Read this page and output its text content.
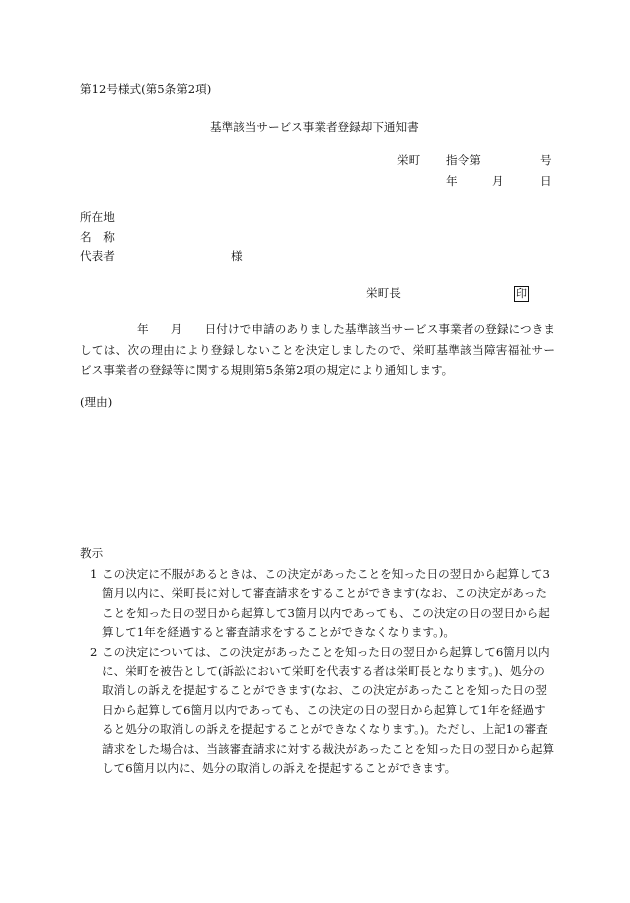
第12号様式(第5条第2項)
基準該当サービス事業者登録却下通知書
栄町 指令第	号
年	月	日
所在地
名　称
代表者	様
栄町長	印
年 月 日付けで申請のありました基準該当サービス事業者の登録につきましては、次の理由により登録しないことを決定しましたので、栄町基準該当障害福祉サービス事業者の登録等に関する規則第5条第2項の規定により通知します。
(理由)
教示
1 この決定に不服があるときは、この決定があったことを知った日の翌日から起算して3箇月以内に、栄町長に対して審査請求をすることができます(なお、この決定があったことを知った日の翌日から起算して3箇月以内であっても、この決定の日の翌日から起算して1年を経過すると審査請求をすることができなくなります。)。
2 この決定については、この決定があったことを知った日の翌日から起算して6箇月以内に、栄町を被告として(訴訟において栄町を代表する者は栄町長となります。)、処分の取消しの訴えを提起することができます(なお、この決定があったことを知った日の翌日から起算して6箇月以内であっても、この決定の日の翌日から起算して1年を経過すると処分の取消しの訴えを提起することができなくなります。)。ただし、上記1の審査請求をした場合は、当該審査請求に対する裁決があったことを知った日の翌日から起算して6箇月以内に、処分の取消しの訴えを提起することができます。
